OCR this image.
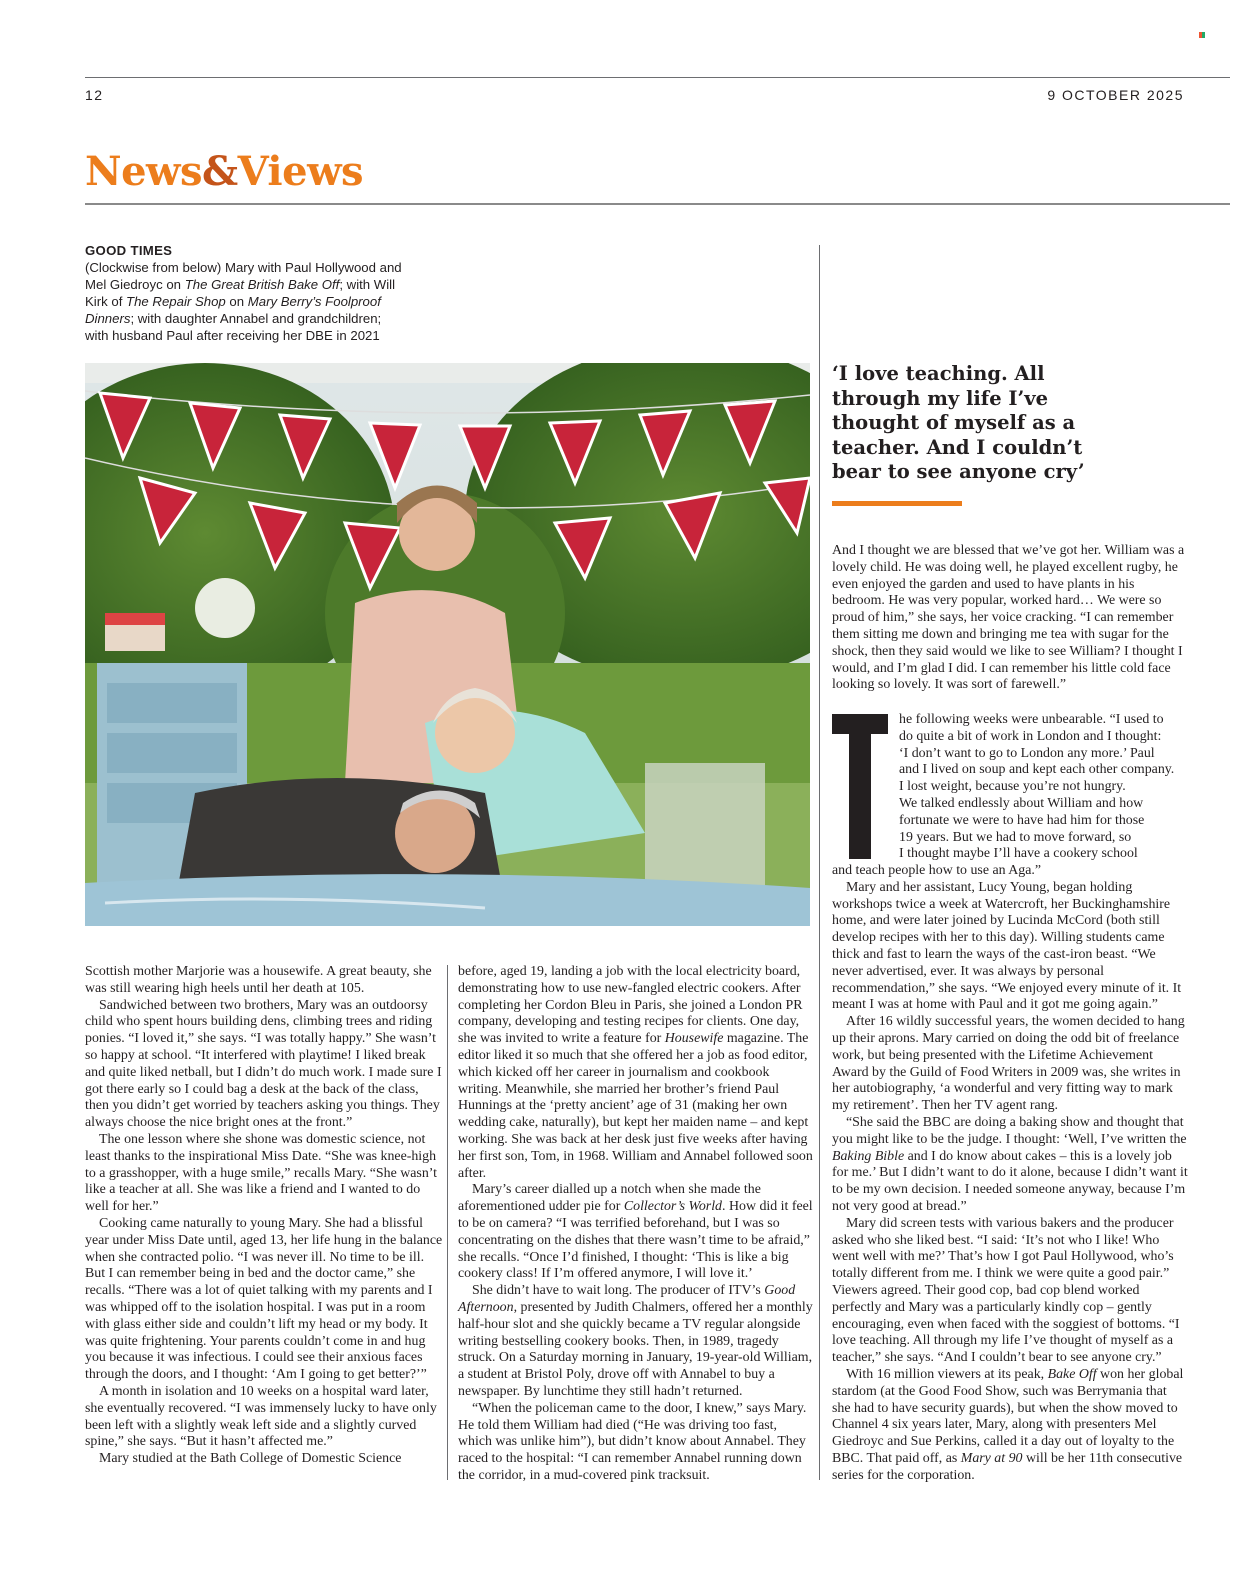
12	9 OCTOBER 2025
News&Views
GOOD TIMES
(Clockwise from below) Mary with Paul Hollywood and Mel Giedroyc on The Great British Bake Off; with Will Kirk of The Repair Shop on Mary Berry’s Foolproof Dinners; with daughter Annabel and grandchildren; with husband Paul after receiving her DBE in 2021
‘I love teaching. All through my life I’ve thought of myself as a teacher. And I couldn’t bear to see anyone cry’

Scottish mother Marjorie was a housewife. A great beauty, she was still wearing high heels until her death at 105.

Sandwiched between two brothers, Mary was an outdoorsy child who spent hours building dens, climbing trees and riding ponies. “I loved it,” she says. “I was totally happy.” She wasn’t so happy at school. “It interfered with playtime! I liked break and quite liked netball, but I didn’t do much work. I made sure I got there early so I could bag a desk at the back of the class, then you didn’t get worried by teachers asking you things. They always choose the nice bright ones at the front.”

The one lesson where she shone was domestic science, not least thanks to the inspirational Miss Date. “She was knee-high to a grasshopper, with a huge smile,” recalls Mary. “She wasn’t like a teacher at all. She was like a friend and I wanted to do well for her.”

Cooking came naturally to young Mary. She had a blissful year under Miss Date until, aged 13, her life hung in the balance when she contracted polio. “I was never ill. No time to be ill. But I can remember being in bed and the doctor came,” she recalls. “There was a lot of quiet talking with my parents and I was whipped off to the isolation hospital. I was put in a room with glass either side and couldn’t lift my head or my body. It was quite frightening. Your parents couldn’t come in and hug you because it was infectious. I could see their anxious faces through the doors, and I thought: ‘Am I going to get better?’”

A month in isolation and 10 weeks on a hospital ward later, she eventually recovered. “I was immensely lucky to have only been left with a slightly weak left side and a slightly curved spine,” she says. “But it hasn’t affected me.”

Mary studied at the Bath College of Domestic Science

before, aged 19, landing a job with the local electricity board, demonstrating how to use new-fangled electric cookers. After completing her Cordon Bleu in Paris, she joined a London PR company, developing and testing recipes for clients. One day, she was invited to write a feature for Housewife magazine. The editor liked it so much that she offered her a job as food editor, which kicked off her career in journalism and cookbook writing. Meanwhile, she married her brother’s friend Paul Hunnings at the ‘pretty ancient’ age of 31 (making her own wedding cake, naturally), but kept her maiden name – and kept working. She was back at her desk just five weeks after having her first son, Tom, in 1968. William and Annabel followed soon after.

Mary’s career dialled up a notch when she made the aforementioned udder pie for Collector’s World. How did it feel to be on camera? “I was terrified beforehand, but I was so concentrating on the dishes that there wasn’t time to be afraid,” she recalls. “Once I’d finished, I thought: ‘This is like a big cookery class! If I’m offered anymore, I will love it.’

She didn’t have to wait long. The producer of ITV’s Good Afternoon, presented by Judith Chalmers, offered her a monthly half-hour slot and she quickly became a TV regular alongside writing bestselling cookery books. Then, in 1989, tragedy struck. On a Saturday morning in January, 19-year-old William, a student at Bristol Poly, drove off with Annabel to buy a newspaper. By lunchtime they still hadn’t returned.

“When the policeman came to the door, I knew,” says Mary. He told them William had died (“He was driving too fast, which was unlike him”), but didn’t know about Annabel. They raced to the hospital: “I can remember Annabel running down the corridor, in a mud-covered pink tracksuit.

And I thought we are blessed that we’ve got her. William was a lovely child. He was doing well, he played excellent rugby, he even enjoyed the garden and used to have plants in his bedroom. He was very popular, worked hard… We were so proud of him,” she says, her voice cracking. “I can remember them sitting me down and bringing me tea with sugar for the shock, then they said would we like to see William? I thought I would, and I’m glad I did. I can remember his little cold face looking so lovely. It was sort of farewell.”

he following weeks were unbearable. “I used to
do quite a bit of work in London and I thought:
‘I don’t want to go to London any more.’ Paul
and I lived on soup and kept each other company.
I lost weight, because you’re not hungry.
We talked endlessly about William and how
fortunate we were to have had him for those
19 years. But we had to move forward, so
I thought maybe I’ll have a cookery school

and teach people how to use an Aga.”

Mary and her assistant, Lucy Young, began holding workshops twice a week at Watercroft, her Buckinghamshire home, and were later joined by Lucinda McCord (both still develop recipes with her to this day). Willing students came thick and fast to learn the ways of the cast-iron beast. “We never advertised, ever. It was always by personal recommendation,” she says. “We enjoyed every minute of it. It meant I was at home with Paul and it got me going again.”

After 16 wildly successful years, the women decided to hang up their aprons. Mary carried on doing the odd bit of freelance work, but being presented with the Lifetime Achievement Award by the Guild of Food Writers in 2009 was, she writes in her autobiography, ‘a wonderful and very fitting way to mark my retirement’. Then her TV agent rang.

“She said the BBC are doing a baking show and thought that you might like to be the judge. I thought: ‘Well, I’ve written the Baking Bible and I do know about cakes – this is a lovely job for me.’ But I didn’t want to do it alone, because I didn’t want it to be my own decision. I needed someone anyway, because I’m not very good at bread.”

Mary did screen tests with various bakers and the producer asked who she liked best. “I said: ‘It’s not who I like! Who went well with me?’ That’s how I got Paul Hollywood, who’s totally different from me. I think we were quite a good pair.” Viewers agreed. Their good cop, bad cop blend worked perfectly and Mary was a particularly kindly cop – gently encouraging, even when faced with the soggiest of bottoms. “I love teaching. All through my life I’ve thought of myself as a teacher,” she says. “And I couldn’t bear to see anyone cry.”

With 16 million viewers at its peak, Bake Off won her global stardom (at the Good Food Show, such was Berrymania that she had to have security guards), but when the show moved to Channel 4 six years later, Mary, along with presenters Mel Giedroyc and Sue Perkins, called it a day out of loyalty to the BBC. That paid off, as Mary at 90 will be her 11th consecutive series for the corporation.
